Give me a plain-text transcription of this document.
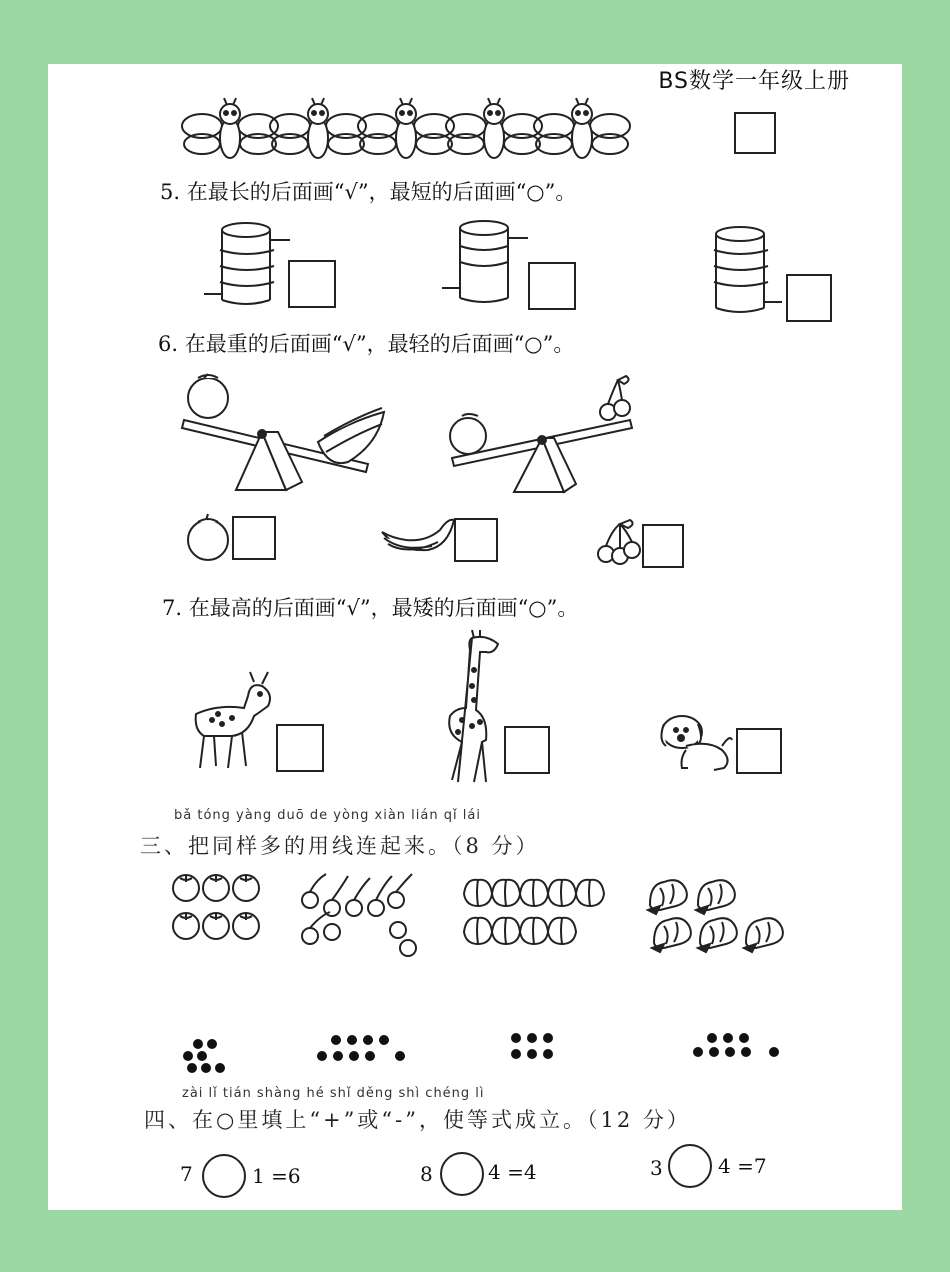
BS数学一年级上册
5. 在最长的后面画“√”，最短的后面画“○”。
6. 在最重的后面画“√”，最轻的后面画“○”。
7. 在最高的后面画“√”，最矮的后面画“○”。
bǎ tóng yàng duō de yòng xiàn lián qǐ lái
三、把同样多的用线连起来。（8 分）
zài lǐ tián shàng hé shǐ děng shì chéng lì
四、在○里填上“+”或“-”，使等式成立。（12 分）
7	1 =6	8	4 =4	3	4 =7
